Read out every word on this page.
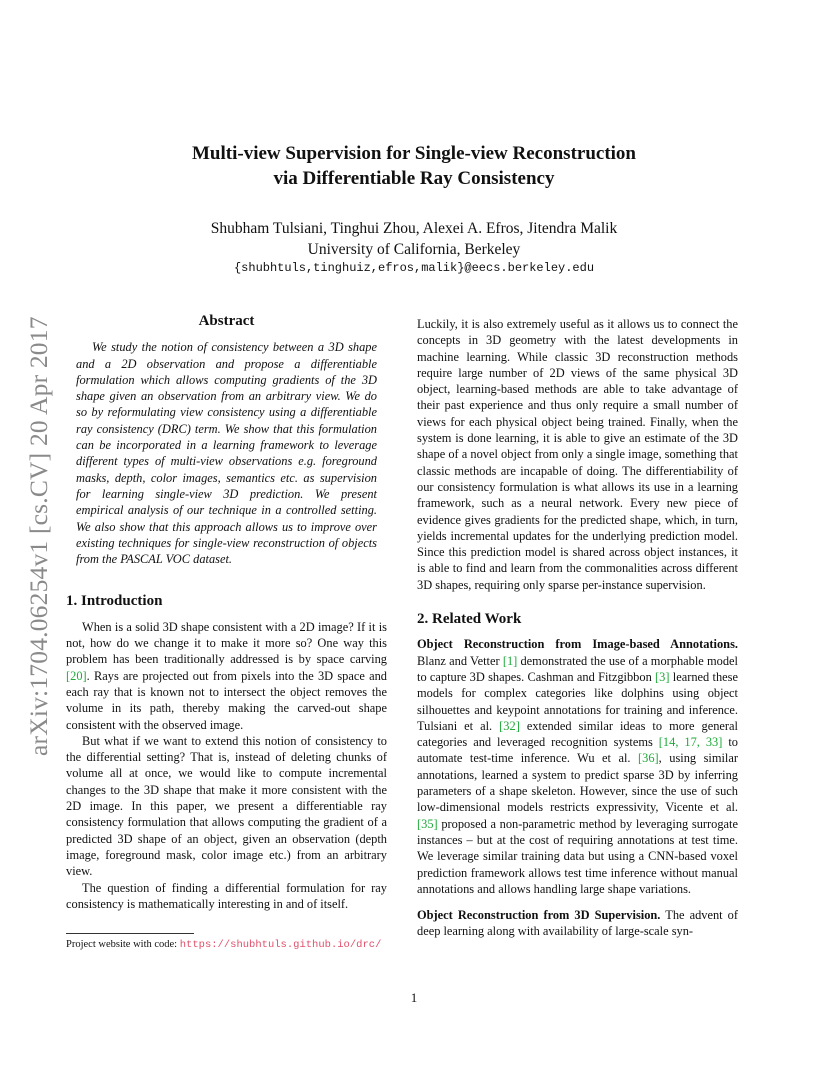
arXiv:1704.06254v1 [cs.CV] 20 Apr 2017
Multi-view Supervision for Single-view Reconstruction
via Differentiable Ray Consistency
Shubham Tulsiani, Tinghui Zhou, Alexei A. Efros, Jitendra Malik
University of California, Berkeley
{shubhtuls,tinghuiz,efros,malik}@eecs.berkeley.edu
Abstract

We study the notion of consistency between a 3D shape and a 2D observation and propose a differentiable formulation which allows computing gradients of the 3D shape given an observation from an arbitrary view. We do so by reformulating view consistency using a differentiable ray consistency (DRC) term. We show that this formulation can be incorporated in a learning framework to leverage different types of multi-view observations e.g. foreground masks, depth, color images, semantics etc. as supervision for learning single-view 3D prediction. We present empirical analysis of our technique in a controlled setting. We also show that this approach allows us to improve over existing techniques for single-view reconstruction of objects from the PASCAL VOC dataset.

1. Introduction

When is a solid 3D shape consistent with a 2D image? If it is not, how do we change it to make it more so? One way this problem has been traditionally addressed is by space carving [20]. Rays are projected out from pixels into the 3D space and each ray that is known not to intersect the object removes the volume in its path, thereby making the carved-out shape consistent with the observed image.

But what if we want to extend this notion of consistency to the differential setting? That is, instead of deleting chunks of volume all at once, we would like to compute incremental changes to the 3D shape that make it more consistent with the 2D image. In this paper, we present a differentiable ray consistency formulation that allows computing the gradient of a predicted 3D shape of an object, given an observation (depth image, foreground mask, color image etc.) from an arbitrary view.

The question of finding a differential formulation for ray consistency is mathematically interesting in and of itself.

Luckily, it is also extremely useful as it allows us to connect the concepts in 3D geometry with the latest developments in machine learning. While classic 3D reconstruction methods require large number of 2D views of the same physical 3D object, learning-based methods are able to take advantage of their past experience and thus only require a small number of views for each physical object being trained. Finally, when the system is done learning, it is able to give an estimate of the 3D shape of a novel object from only a single image, something that classic methods are incapable of doing. The differentiability of our consistency formulation is what allows its use in a learning framework, such as a neural network. Every new piece of evidence gives gradients for the predicted shape, which, in turn, yields incremental updates for the underlying prediction model. Since this prediction model is shared across object instances, it is able to find and learn from the commonalities across different 3D shapes, requiring only sparse per-instance supervision.

2. Related Work

Object Reconstruction from Image-based Annotations. Blanz and Vetter [1] demonstrated the use of a morphable model to capture 3D shapes. Cashman and Fitzgibbon [3] learned these models for complex categories like dolphins using object silhouettes and keypoint annotations for training and inference. Tulsiani et al. [32] extended similar ideas to more general categories and leveraged recognition systems [14, 17, 33] to automate test-time inference. Wu et al. [36], using similar annotations, learned a system to predict sparse 3D by inferring parameters of a shape skeleton. However, since the use of such low-dimensional models restricts expressivity, Vicente et al. [35] proposed a non-parametric method by leveraging surrogate instances – but at the cost of requiring annotations at test time. We leverage similar training data but using a CNN-based voxel prediction framework allows test time inference without manual annotations and allows handling large shape variations.

Object Reconstruction from 3D Supervision. The advent of deep learning along with availability of large-scale syn-

Project website with code: https://shubhtuls.github.io/drc/
1
